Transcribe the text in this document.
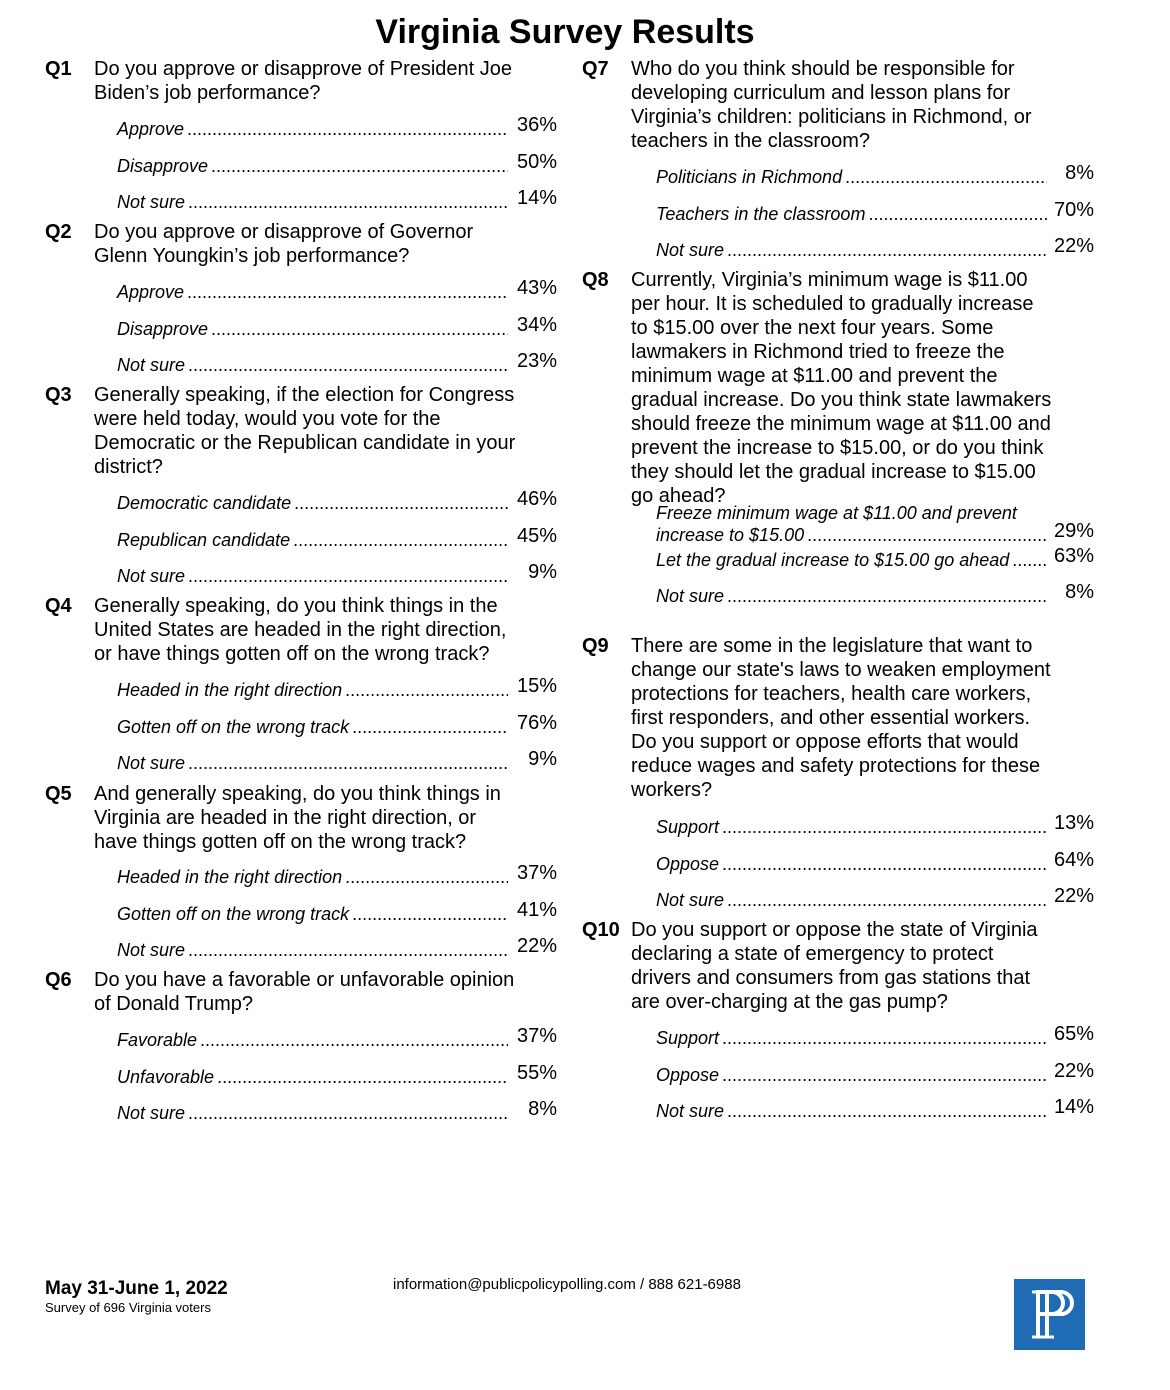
Virginia Survey Results
Q1	Do you approve or disapprove of President Joe
Biden’s job performance?
Approve .....	36%
Disapprove .....	50%
Not sure .....	14%
Q2	Do you approve or disapprove of Governor
Glenn Youngkin’s job performance?
Approve .....	43%
Disapprove .....	34%
Not sure .....	23%
Q3	Generally speaking, if the election for Congress
were held today, would you vote for the
Democratic or the Republican candidate in your
district?
Democratic candidate .....	46%
Republican candidate .....	45%
Not sure .....	9%
Q4	Generally speaking, do you think things in the
United States are headed in the right direction,
or have things gotten off on the wrong track?
Headed in the right direction .....	15%
Gotten off on the wrong track .....	76%
Not sure .....	9%
Q5	And generally speaking, do you think things in
Virginia are headed in the right direction, or
have things gotten off on the wrong track?
Headed in the right direction .....	37%
Gotten off on the wrong track .....	41%
Not sure .....	22%
Q6	Do you have a favorable or unfavorable opinion
of Donald Trump?
Favorable .....	37%
Unfavorable .....	55%
Not sure .....	8%
Q7	Who do you think should be responsible for
developing curriculum and lesson plans for
Virginia’s children: politicians in Richmond, or
teachers in the classroom?
Politicians in Richmond .....	8%
Teachers in the classroom .....	70%
Not sure .....	22%
Q8	Currently, Virginia’s minimum wage is $11.00
per hour. It is scheduled to gradually increase
to $15.00 over the next four years. Some
lawmakers in Richmond tried to freeze the
minimum wage at $11.00 and prevent the
gradual increase. Do you think state lawmakers
should freeze the minimum wage at $11.00 and
prevent the increase to $15.00, or do you think
they should let the gradual increase to $15.00
go ahead?
Freeze minimum wage at $11.00 and prevent
increase to $15.00 .....	29%
Let the gradual increase to $15.00 go ahead ..... 63%
Not sure .....	8%
Q9	There are some in the legislature that want to
change our state's laws to weaken employment
protections for teachers, health care workers,
first responders, and other essential workers.
Do you support or oppose efforts that would
reduce wages and safety protections for these
workers?
Support .....	13%
Oppose .....	64%
Not sure .....	22%
Q10 Do you support or oppose the state of Virginia
declaring a state of emergency to protect
drivers and consumers from gas stations that
are over-charging at the gas pump?
Support .....	65%
Oppose .....	22%
Not sure .....	14%
May 31-June 1, 2022
Survey of 696 Virginia voters
information@publicpolicypolling.com / 888 621-6988
